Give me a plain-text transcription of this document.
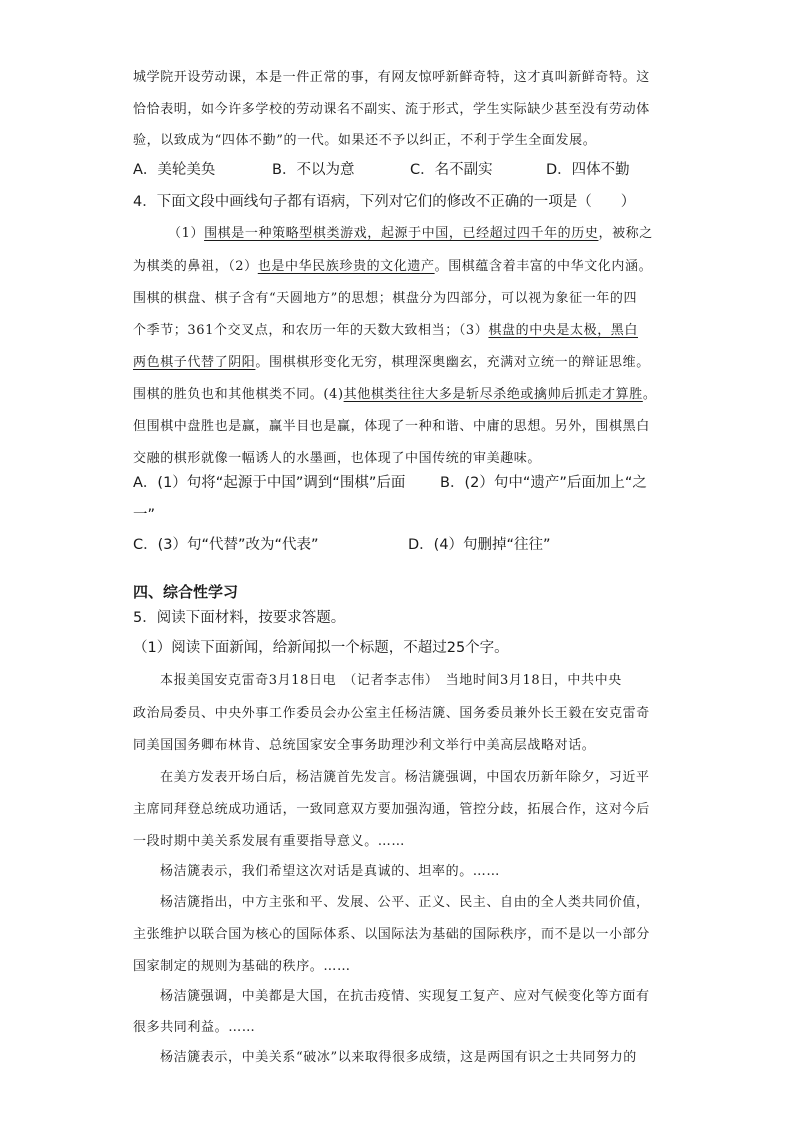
城学院开设劳动课，本是一件正常的事，有网友惊呼新鲜奇特，这才真叫新鲜奇特。这
恰恰表明，如今许多学校的劳动课名不副实、流于形式，学生实际缺少甚至没有劳动体
验，以致成为“四体不勤”的一代。如果还不予以纠正，不利于学生全面发展。
A．美轮美奂	B．不以为意	C．名不副实	D．四体不勤
4．下面文段中画线句子都有语病，下列对它们的修改不正确的一项是（　　）
（1）围棋是一种策略型棋类游戏，起源于中国，已经超过四千年的历史，被称之
为棋类的鼻祖，（2）也是中华民族珍贵的文化遗产。围棋蕴含着丰富的中华文化内涵。
围棋的棋盘、棋子含有“天圆地方”的思想；棋盘分为四部分，可以视为象征一年的四
个季节；361个交叉点，和农历一年的天数大致相当；（3）棋盘的中央是太极，黑白
两色棋子代替了阴阳。围棋棋形变化无穷，棋理深奥幽玄，充满对立统一的辩证思维。
围棋的胜负也和其他棋类不同。(4)其他棋类往往大多是斩尽杀绝或擒帅后抓走才算胜。
但围棋中盘胜也是赢，赢半目也是赢，体现了一种和谐、中庸的思想。另外，围棋黑白
交融的棋形就像一幅诱人的水墨画，也体现了中国传统的审美趣味。
A．(1）句将“起源于中国”调到“围棋”后面 B．(2）句中“遗产”后面加上“之
一”
C．(3）句“代替”改为“代表”	D．(4）句删掉“往往”
四、综合性学习
5．阅读下面材料，按要求答题。
（1）阅读下面新闻，给新闻拟一个标题，不超过25个字。
本报美国安克雷奇3月18日电　（记者李志伟）　当地时间3月18日，中共中央
政治局委员、中央外事工作委员会办公室主任杨洁篪、国务委员兼外长王毅在安克雷奇
同美国国务卿布林肯、总统国家安全事务助理沙利文举行中美高层战略对话。
在美方发表开场白后，杨洁篪首先发言。杨洁篪强调，中国农历新年除夕，习近平
主席同拜登总统成功通话，一致同意双方要加强沟通，管控分歧，拓展合作，这对今后
一段时期中美关系发展有重要指导意义。……
杨洁篪表示，我们希望这次对话是真诚的、坦率的。……
杨洁篪指出，中方主张和平、发展、公平、正义、民主、自由的全人类共同价值，
主张维护以联合国为核心的国际体系、以国际法为基础的国际秩序，而不是以一小部分
国家制定的规则为基础的秩序。……
杨洁篪强调，中美都是大国，在抗击疫情、实现复工复产、应对气候变化等方面有
很多共同利益。……
杨洁篪表示，中美关系“破冰”以来取得很多成绩，这是两国有识之士共同努力的
